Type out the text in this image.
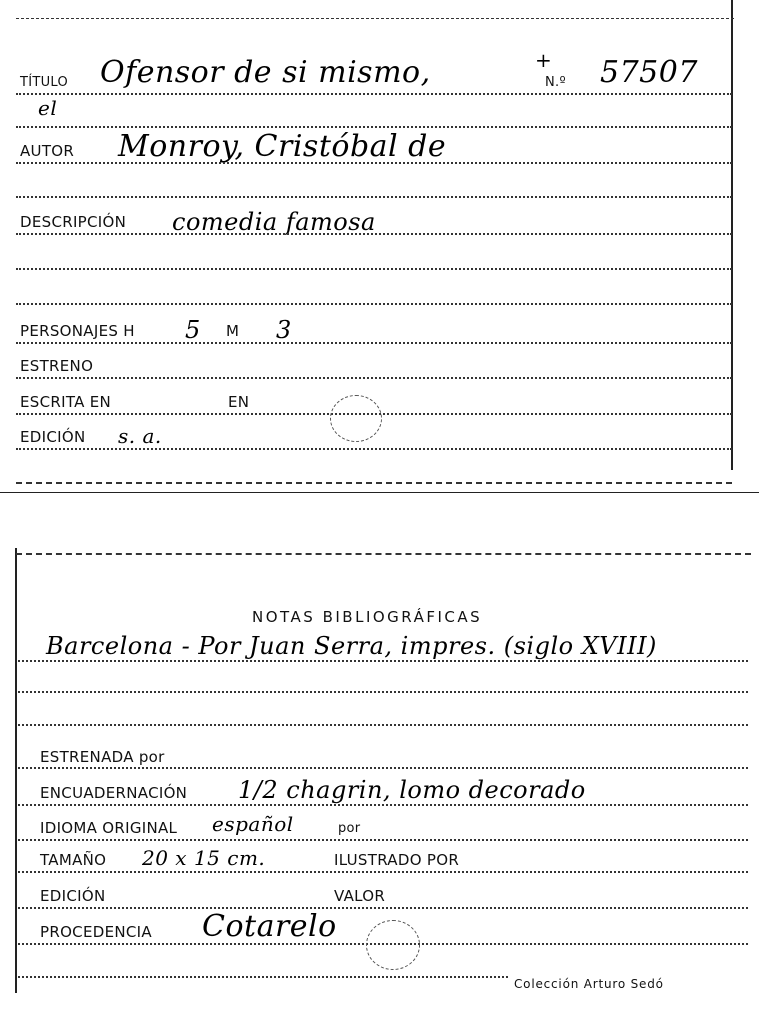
TÍTULO Ofensor de si mismo,	+
N.º 57507
el
AUTOR Monroy, Cristóbal de
DESCRIPCIÓN comedia famosa
PERSONAJES H 5 M 3
ESTRENO
ESCRITA EN	EN
EDICIÓN s. a.
NOTAS BIBLIOGRÁFICAS
Barcelona - Por Juan Serra, impres. (siglo XVIII)
ESTRENADA por
ENCUADERNACIÓN 1/2 chagrin, lomo decorado
IDIOMA ORIGINAL español	por
TAMAÑO 20 x 15 cm.	ILUSTRADO POR
EDICIÓN	VALOR
PROCEDENCIA Cotarelo
Colección Arturo Sedó
